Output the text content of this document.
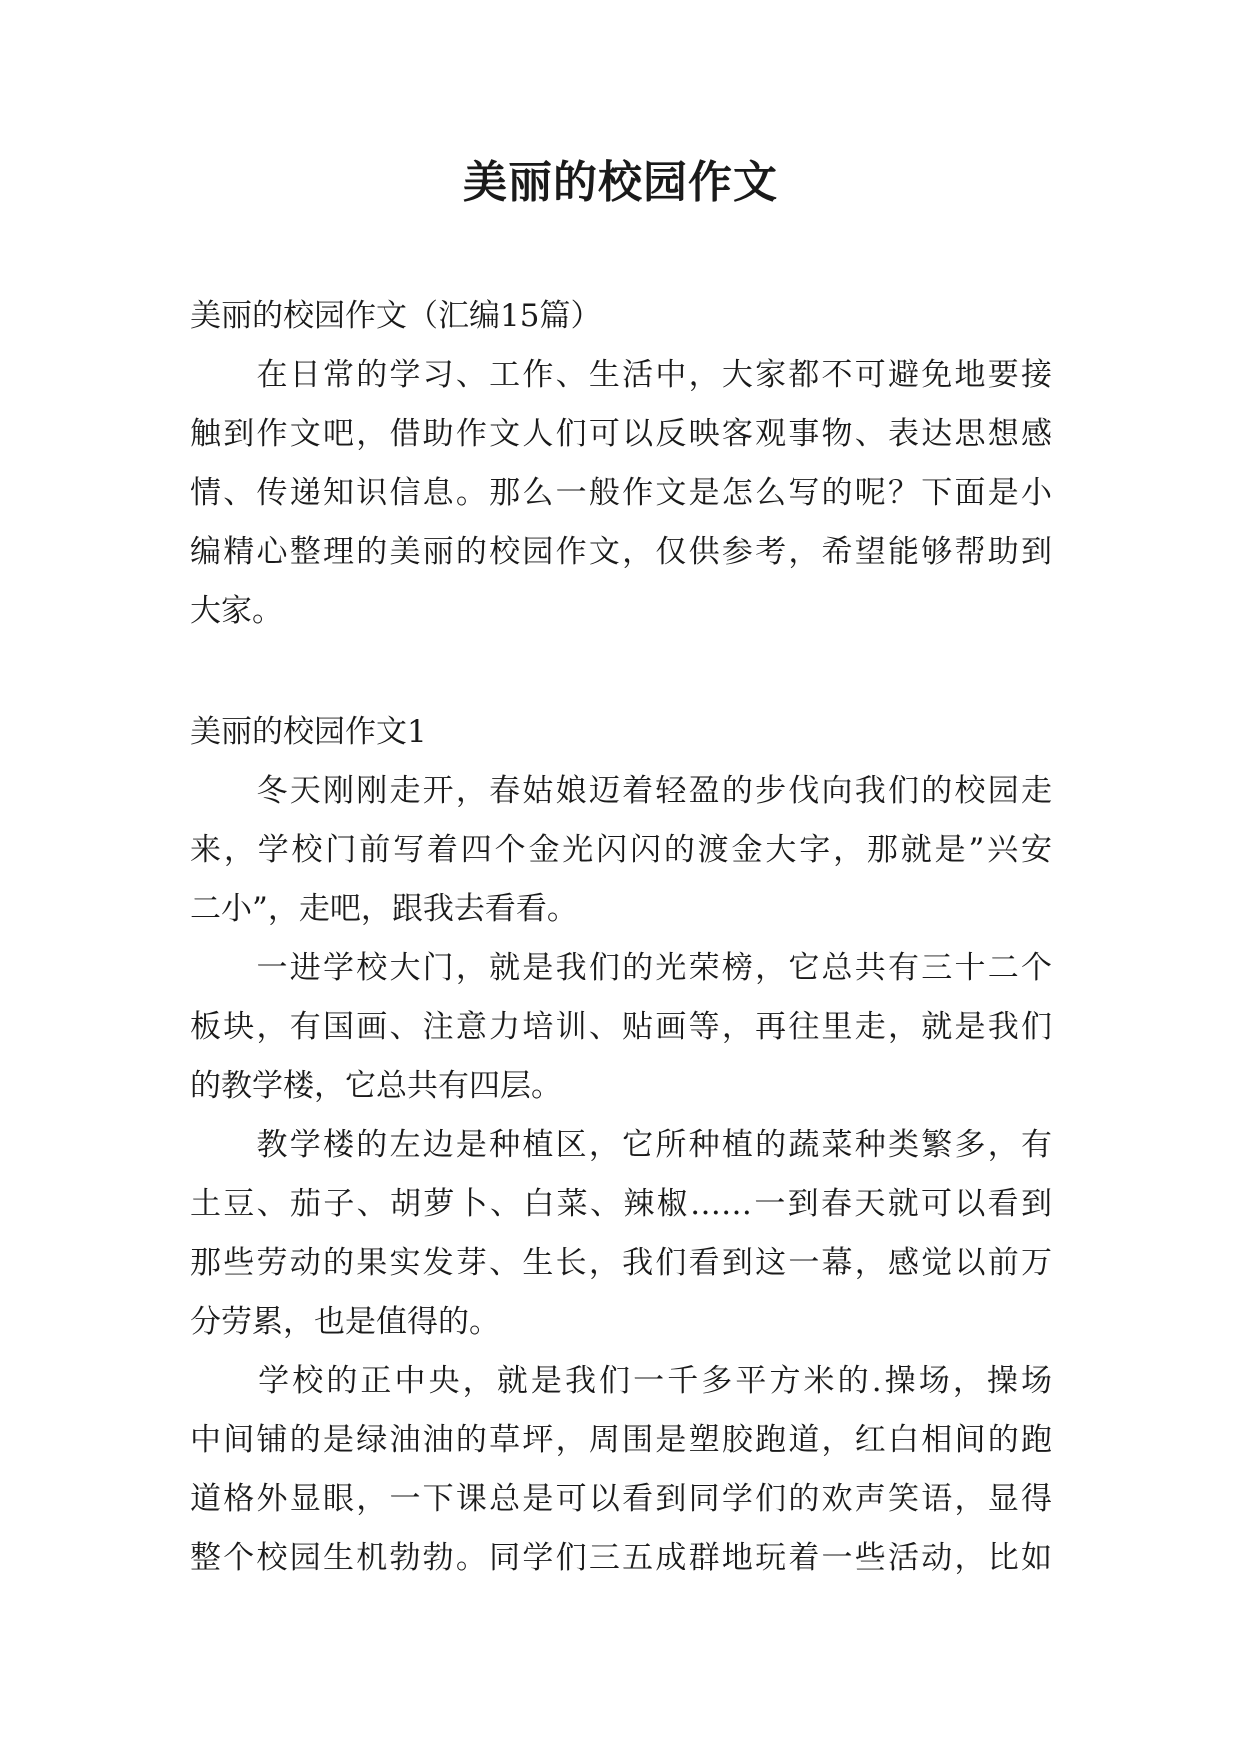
美丽的校园作文
美丽的校园作文（汇编15篇）
　　在日常的学习、工作、生活中，大家都不可避免地要接
触到作文吧，借助作文人们可以反映客观事物、表达思想感
情、传递知识信息。那么一般作文是怎么写的呢？下面是小
编精心整理的美丽的校园作文，仅供参考，希望能够帮助到
大家。
美丽的校园作文1
　　冬天刚刚走开，春姑娘迈着轻盈的步伐向我们的校园走
来，学校门前写着四个金光闪闪的渡金大字，那就是”兴安
二小”，走吧，跟我去看看。
　　一进学校大门，就是我们的光荣榜，它总共有三十二个
板块，有国画、注意力培训、贴画等，再往里走，就是我们
的教学楼，它总共有四层。
　　教学楼的左边是种植区，它所种植的蔬菜种类繁多，有
土豆、茄子、胡萝卜、白菜、辣椒……一到春天就可以看到
那些劳动的果实发芽、生长，我们看到这一幕，感觉以前万
分劳累，也是值得的。
　　学校的正中央，就是我们一千多平方米的.操场，操场
中间铺的是绿油油的草坪，周围是塑胶跑道，红白相间的跑
道格外显眼，一下课总是可以看到同学们的欢声笑语，显得
整个校园生机勃勃。同学们三五成群地玩着一些活动，比如
